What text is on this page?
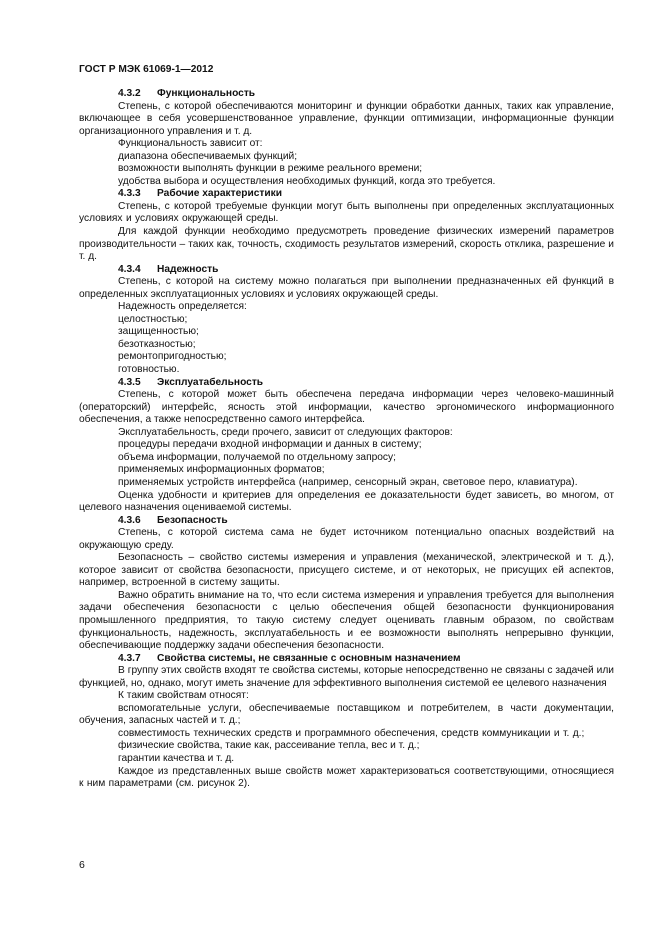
ГОСТ Р МЭК 61069-1—2012
4.3.2 Функциональность

Степень, с которой обеспечиваются мониторинг и функции обработки данных, таких как управление, включающее в себя усовершенствованное управление, функции оптимизации, информационные функции организационного управления и т. д.

Функциональность зависит от:

диапазона обеспечиваемых функций;

возможности выполнять функции в режиме реального времени;

удобства выбора и осуществления необходимых функций, когда это требуется.

4.3.3 Рабочие характеристики

Степень, с которой требуемые функции могут быть выполнены при определенных эксплуатационных условиях и условиях окружающей среды.

Для каждой функции необходимо предусмотреть проведение физических измерений параметров производительности – таких как, точность, сходимость результатов измерений, скорость отклика, разрешение и т. д.

4.3.4 Надежность

Степень, с которой на систему можно полагаться при выполнении предназначенных ей функций в определенных эксплуатационных условиях и условиях окружающей среды.

Надежность определяется:

целостностью;

защищенностью;

безотказностью;

ремонтопригодностью;

готовностью.

4.3.5 Эксплуатабельность

Степень, с которой может быть обеспечена передача информации через человеко-машинный (операторский) интерфейс, ясность этой информации, качество эргономического информационного обеспечения, а также непосредственно самого интерфейса.

Эксплуатабельность, среди прочего, зависит от следующих факторов:

процедуры передачи входной информации и данных в систему;

объема информации, получаемой по отдельному запросу;

применяемых информационных форматов;

применяемых устройств интерфейса (например, сенсорный экран, световое перо, клавиатура).

Оценка удобности и критериев для определения ее доказательности будет зависеть, во многом, от целевого назначения оцениваемой системы.

4.3.6 Безопасность

Степень, с которой система сама не будет источником потенциально опасных воздействий на окружающую среду.

Безопасность – свойство системы измерения и управления (механической, электрической и т. д.), которое зависит от свойства безопасности, присущего системе, и от некоторых, не присущих ей аспектов, например, встроенной в систему защиты.

Важно обратить внимание на то, что если система измерения и управления требуется для выполнения задачи обеспечения безопасности с целью обеспечения общей безопасности функционирования промышленного предприятия, то такую систему следует оценивать главным образом, по свойствам функциональность, надежность, эксплуатабельность и ее возможности выполнять непрерывно функции, обеспечивающие поддержку задачи обеспечения безопасности.

4.3.7 Свойства системы, не связанные с основным назначением

В группу этих свойств входят те свойства системы, которые непосредственно не связаны с задачей или функцией, но, однако, могут иметь значение для эффективного выполнения системой ее целевого назначения

К таким свойствам относят:

вспомогательные услуги, обеспечиваемые поставщиком и потребителем, в части документации, обучения, запасных частей и т. д.;

совместимость технических средств и программного обеспечения, средств коммуникации и т. д.;

физические свойства, такие как, рассеивание тепла, вес и т. д.;

гарантии качества и т. д.

Каждое из представленных выше свойств может характеризоваться соответствующими, относящиеся к ним параметрами (см. рисунок 2).

6
